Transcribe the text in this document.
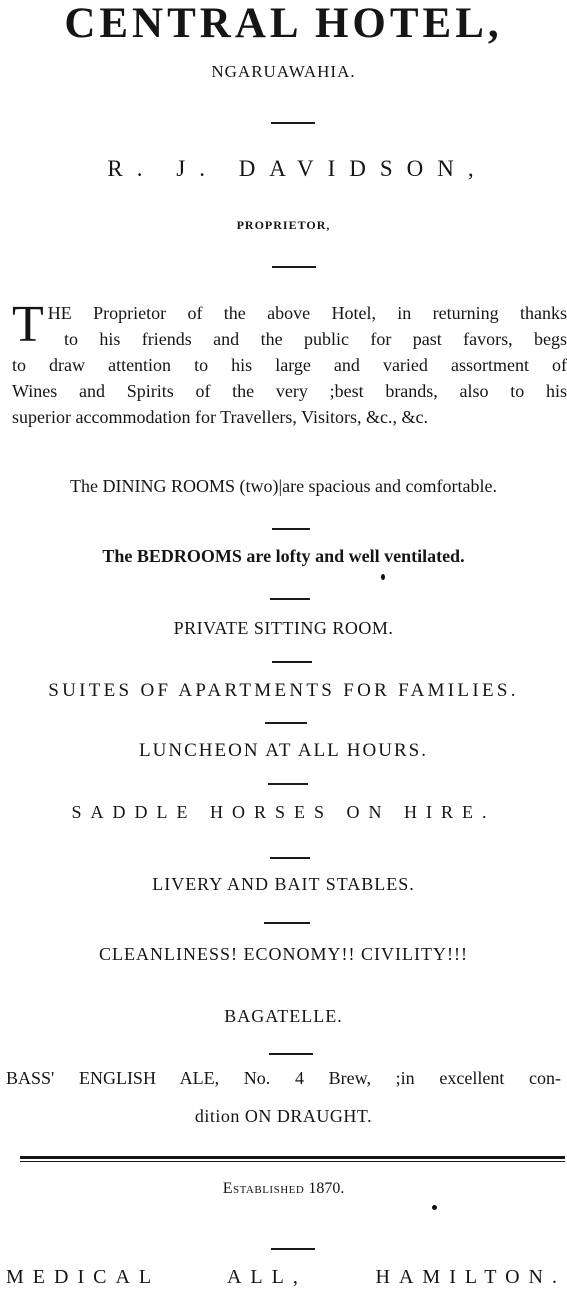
CENTRAL HOTEL,
NGARUAWAHIA.
R. J. DAVIDSON,
PROPRIETOR,
T HE Proprietor of the above Hotel, in returning thanks
to his friends and the public for past favors, begs
to draw attention to his large and varied assortment of
Wines and Spirits of the very ;best brands, also to his
superior accommodation for Travellers, Visitors, &c., &c.
The DINING ROOMS (two)|are spacious and comfortable.
The BEDROOMS are lofty and well ventilated.
PRIVATE SITTING ROOM.
SUITES OF APARTMENTS FOR FAMILIES.
LUNCHEON AT ALL HOURS.
SADDLE HORSES ON HIRE.
LIVERY AND BAIT STABLES.
CLEANLINESS! ECONOMY!! CIVILITY!!!
BAGATELLE.
BASS' ENGLISH ALE, No. 4 Brew, ;in excellent con-
dition ON DRAUGHT.
Established 1870.
MEDICAL ALL, HAMILTON.
